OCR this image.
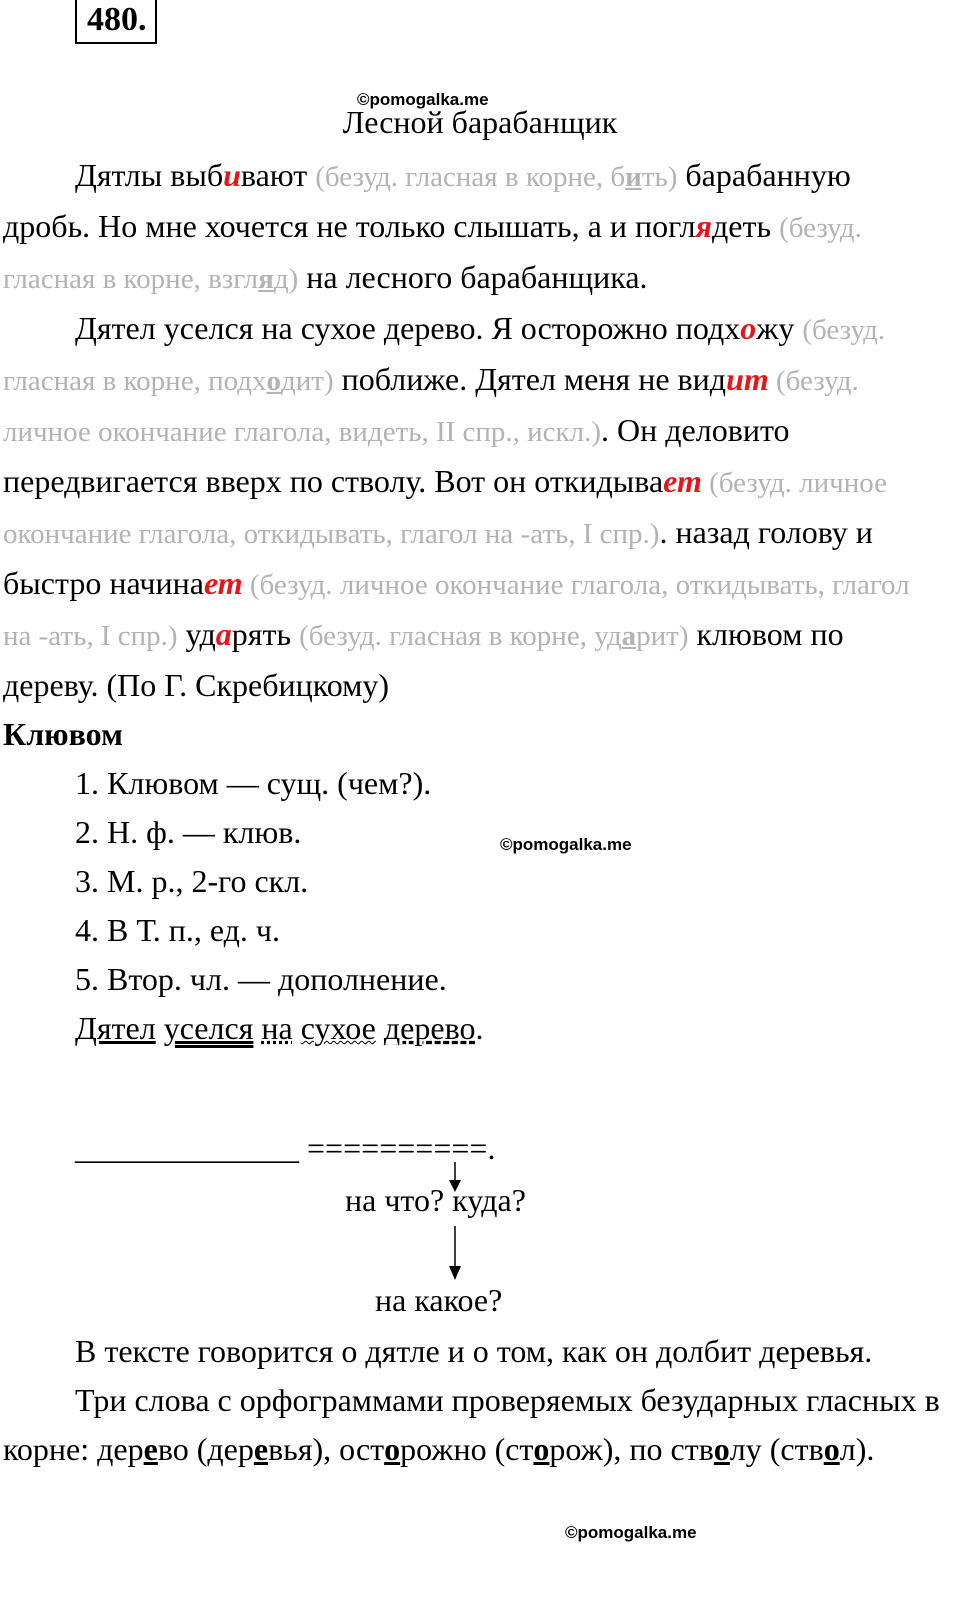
480.
©pomogalka.me
Лесной барабанщик

Дятлы выбивают (безуд. гласная в корне, бить) барабанную дробь. Но мне хочется не только слышать, а и поглядеть (безуд. гласная в корне, взгляд) на лесного барабанщика.

Дятел уселся на сухое дерево. Я осторожно подхожу (безуд. гласная в корне, подходит) поближе. Дятел меня не видит (безуд. личное окончание глагола, видеть, II спр., искл.). Он деловито передвигается вверх по стволу. Вот он откидывает (безуд. личное окончание глагола, откидывать, глагол на -ать, I спр.). назад голову и быстро начинает (безуд. личное окончание глагола, откидывать, глагол на -ать, I спр.) ударять (безуд. гласная в корне, ударит) клювом по дереву. (По Г. Скребицкому)

Клювом

1. Клювом — сущ. (чем?).

2. Н. ф. — клюв.

3. М. р., 2-го скл.

4. В Т. п., ед. ч.

5. Втор. чл. — дополнение.

Дятел уселся на сухое дерево.

©pomogalka.me
______________ ==========.
на что? куда?
на какое?

В тексте говорится о дятле и о том, как он долбит деревья.

Три слова с орфограммами проверяемых безударных гласных в корне: дерево (деревья), осторожно (сторож), по стволу (ствол).

©pomogalka.me
